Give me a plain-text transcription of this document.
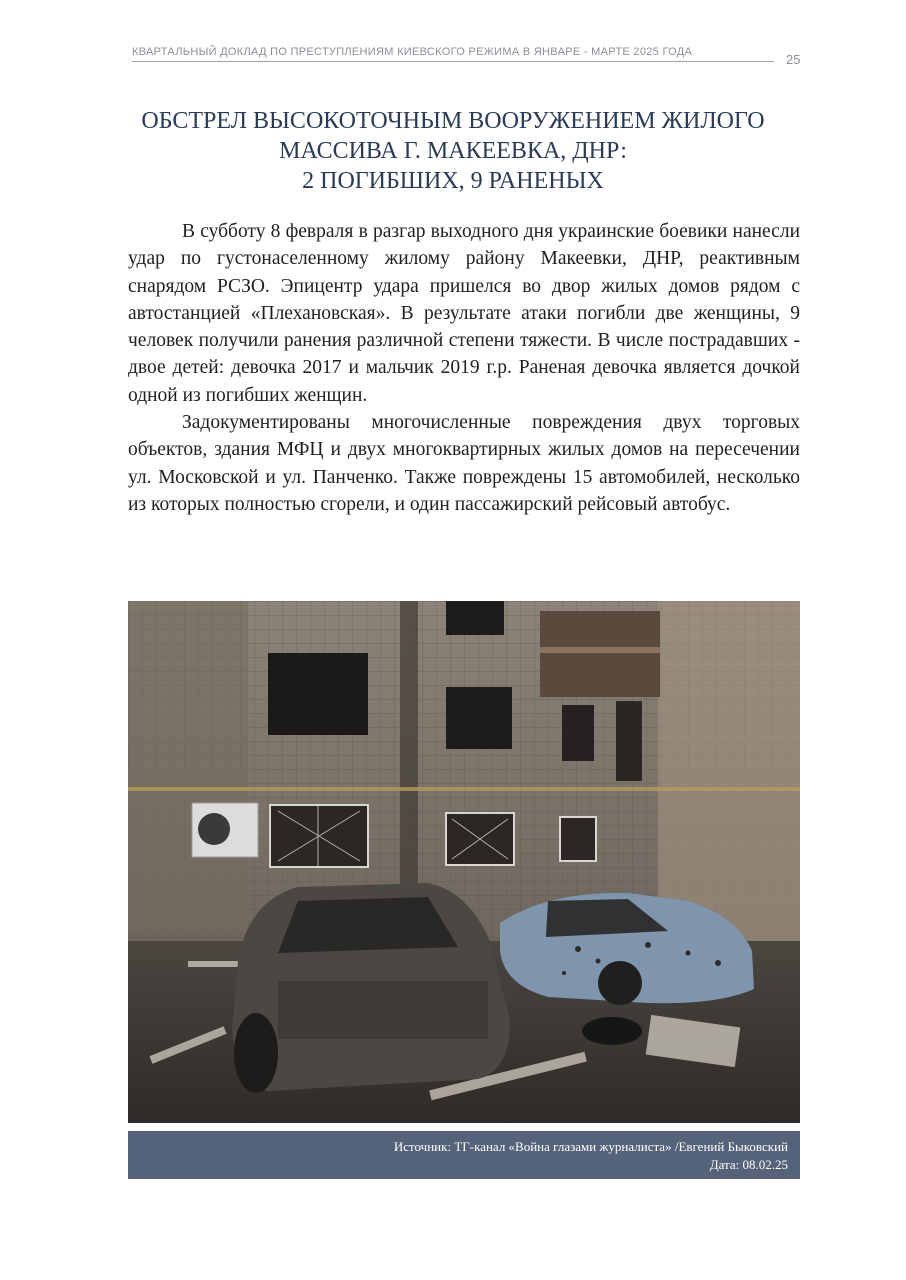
КВАРТАЛЬНЫЙ ДОКЛАД ПО ПРЕСТУПЛЕНИЯМ КИЕВСКОГО РЕЖИМА В ЯНВАРЕ - МАРТЕ 2025 ГОДА	25
ОБСТРЕЛ ВЫСОКОТОЧНЫМ ВООРУЖЕНИЕМ ЖИЛОГО
МАССИВА Г. МАКЕЕВКА, ДНР:
2 ПОГИБШИХ, 9 РАНЕНЫХ

В субботу 8 февраля в разгар выходного дня украинские боевики нанесли удар по густонаселенному жилому району Макеевки, ДНР, реактивным снарядом РСЗО. Эпицентр удара пришелся во двор жилых домов рядом с автостанцией «Плехановская». В результате атаки погибли две женщины, 9 человек получили ранения различной степени тяжести. В числе пострадавших - двое детей: девочка 2017 и мальчик 2019 г.р. Раненая девочка является дочкой одной из погибших женщин.

Задокументированы многочисленные повреждения двух торговых объектов, здания МФЦ и двух многоквартирных жилых домов на пересечении ул. Московской и ул. Панченко. Также повреждены 15 автомобилей, несколько из которых полностью сгорели, и один пассажирский рейсовый автобус.

Источник: ТГ-канал «Война глазами журналиста» /Евгений Быковский
Дата: 08.02.25
